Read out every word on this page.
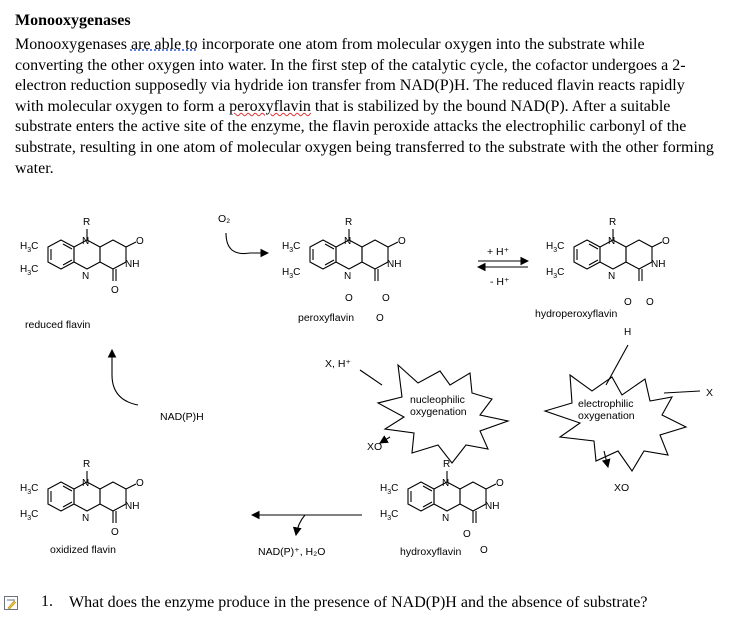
Monooxygenases

Monooxygenases are able to incorporate one atom from molecular oxygen into the substrate while converting the other oxygen into water. In the first step of the catalytic cycle, the cofactor undergoes a 2-electron reduction supposedly via hydride ion transfer from NAD(P)H. The reduced flavin reacts rapidly with molecular oxygen to form a peroxyflavin that is stabilized by the bound NAD(P). After a suitable substrate enters the active site of the enzyme, the flavin peroxide attacks the electrophilic carbonyl of the substrate, resulting in one atom of molecular oxygen being transferred to the substrate with the other forming water.

$H_3C$
$H_3C$
R
N
N
O
NH
O
reduced flavin
$H_3C$
$H_3C$
R
N
N
O
NH
O	O
O
peroxyflavin
$H_3C$
$H_3C$
R
N
N
O
NH
O O
H
hydroperoxyflavin
O₂
+ H⁺
- H⁺
NAD(P)H
nucleophilic
oxygenation
X, H⁺
XO
electrophilic
oxygenation
X
XO
$H_3C$
$H_3C$
R
N
N
O
NH
O
oxidized flavin
$H_3C$
$H_3C$
R
N
N
O
NH
O
O
hydroxyflavin
NAD(P)⁺, H₂O
1. What does the enzyme produce in the presence of NAD(P)H and the absence of substrate?
